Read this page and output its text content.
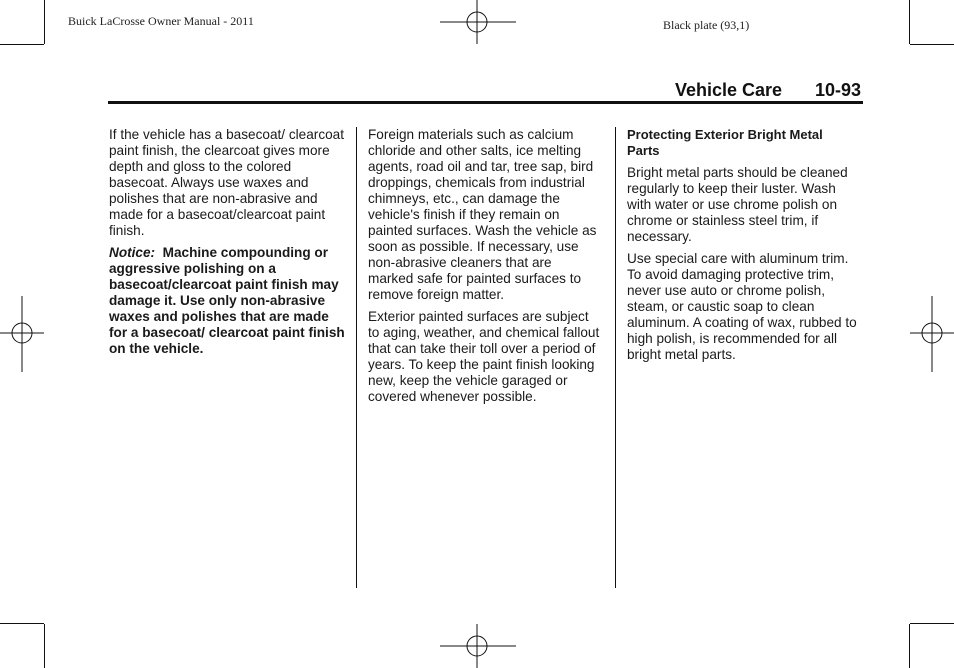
Buick LaCrosse Owner Manual - 2011	Black plate (93,1)
Vehicle Care 10-93

If the vehicle has a basecoat/ clearcoat paint finish, the clearcoat gives more depth and gloss to the colored basecoat. Always use waxes and polishes that are non-abrasive and made for a basecoat/clearcoat paint finish.

Notice: Machine compounding or aggressive polishing on a basecoat/clearcoat paint finish may damage it. Use only non-abrasive waxes and polishes that are made for a basecoat/ clearcoat paint finish on the vehicle.

Foreign materials such as calcium chloride and other salts, ice melting agents, road oil and tar, tree sap, bird droppings, chemicals from industrial chimneys, etc., can damage the vehicle's finish if they remain on painted surfaces. Wash the vehicle as soon as possible. If necessary, use non-abrasive cleaners that are marked safe for painted surfaces to remove foreign matter.

Exterior painted surfaces are subject to aging, weather, and chemical fallout that can take their toll over a period of years. To keep the paint finish looking new, keep the vehicle garaged or covered whenever possible.

Protecting Exterior Bright Metal Parts

Bright metal parts should be cleaned regularly to keep their luster. Wash with water or use chrome polish on chrome or stainless steel trim, if necessary.

Use special care with aluminum trim. To avoid damaging protective trim, never use auto or chrome polish, steam, or caustic soap to clean aluminum. A coating of wax, rubbed to high polish, is recommended for all bright metal parts.
